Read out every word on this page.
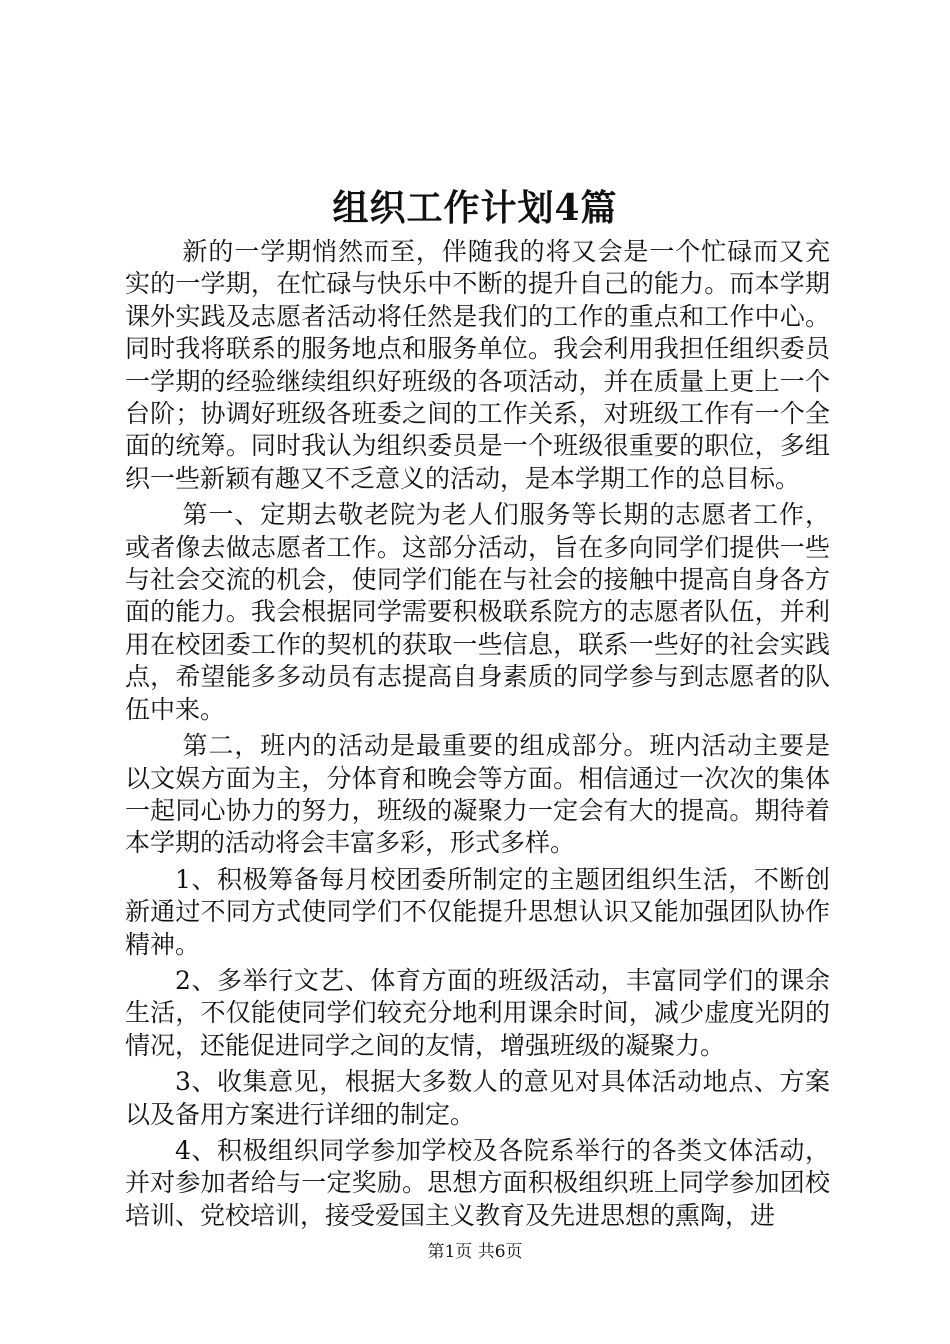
组织工作计划4篇

新的一学期悄然而至，伴随我的将又会是一个忙碌而又充实的一学期，在忙碌与快乐中不断的提升自己的能力。而本学期课外实践及志愿者活动将任然是我们的工作的重点和工作中心。同时我将联系的服务地点和服务单位。我会利用我担任组织委员一学期的经验继续组织好班级的各项活动，并在质量上更上一个台阶；协调好班级各班委之间的工作关系，对班级工作有一个全面的统筹。同时我认为组织委员是一个班级很重要的职位，多组织一些新颖有趣又不乏意义的活动，是本学期工作的总目标。

第一、定期去敬老院为老人们服务等长期的志愿者工作，或者像去做志愿者工作。这部分活动，旨在多向同学们提供一些与社会交流的机会，使同学们能在与社会的接触中提高自身各方面的能力。我会根据同学需要积极联系院方的志愿者队伍，并利用在校团委工作的契机的获取一些信息，联系一些好的社会实践点，希望能多多动员有志提高自身素质的同学参与到志愿者的队伍中来。

第二，班内的活动是最重要的组成部分。班内活动主要是以文娱方面为主，分体育和晚会等方面。相信通过一次次的集体一起同心协力的努力，班级的凝聚力一定会有大的提高。期待着本学期的活动将会丰富多彩，形式多样。

1、积极筹备每月校团委所制定的主题团组织生活，不断创新通过不同方式使同学们不仅能提升思想认识又能加强团队协作精神。

2、多举行文艺、体育方面的班级活动，丰富同学们的课余生活，不仅能使同学们较充分地利用课余时间，减少虚度光阴的情况，还能促进同学之间的友情，增强班级的凝聚力。

3、收集意见，根据大多数人的意见对具体活动地点、方案以及备用方案进行详细的制定。

4、积极组织同学参加学校及各院系举行的各类文体活动，并对参加者给与一定奖励。思想方面积极组织班上同学参加团校培训、党校培训，接受爱国主义教育及先进思想的熏陶，进

第1页 共6页
